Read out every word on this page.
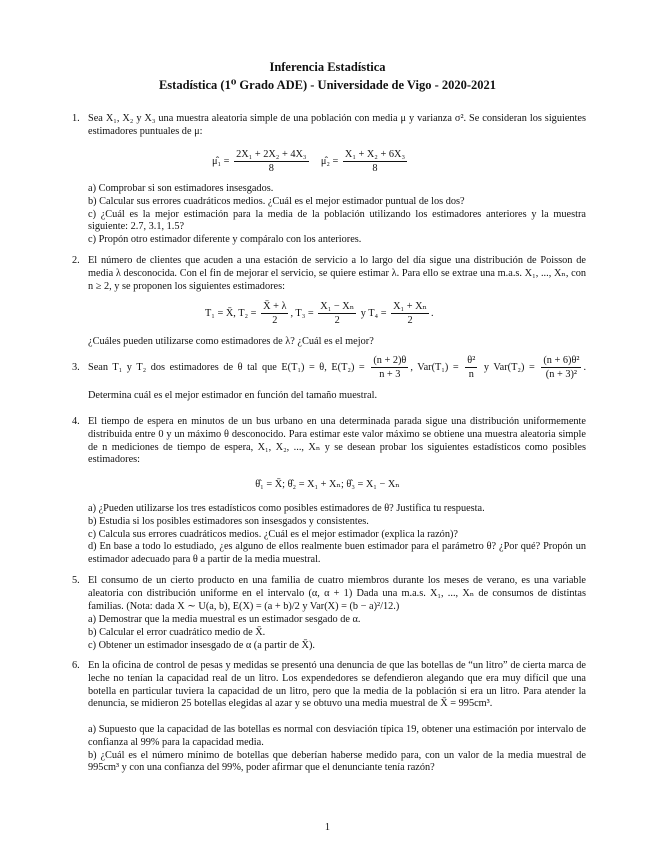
Inferencia Estadística
Estadística (1⁰ Grado ADE) - Universidade de Vigo - 2020-2021
1. Sea X₁, X₂ y X₃ una muestra aleatoria simple de una población con media μ y varianza σ². Se consideran los siguientes estimadores puntuales de μ:
μ̂₁ = $\frac{\text{2X₁ + 2X₂ + 4X₃}}{8}$ μ̂₂ = $\frac{\text{X₁ + X₂ + 6X₃}}{8}$
a) Comprobar si son estimadores insesgados.
b) Calcular sus errores cuadráticos medios. ¿Cuál es el mejor estimador puntual de los dos?
c) ¿Cuál es la mejor estimación para la media de la población utilizando los estimadores anteriores y la muestra siguiente: 2.7, 3.1, 1.5?
c) Propón otro estimador diferente y compáralo con los anteriores.
2. El número de clientes que acuden a una estación de servicio a lo largo del día sigue una distribución de Poisson de media λ desconocida. Con el fin de mejorar el servicio, se quiere estimar λ. Para ello se extrae una m.a.s. X₁, ..., Xₙ, con n ≥ 2, y se proponen los siguientes estimadores:
T₁ = X̄, $T_2 = \frac{X̄ + \lambda}{2}$ , $T_3 = \frac{\text{X₁ − Xₙ}}{2}$ y $T_4 = \frac{\text{X₁ + Xₙ}}{2}$ .
¿Cuáles pueden utilizarse como estimadores de λ? ¿Cuál es el mejor?
3. Sean T₁ y T₂ dos estimadores de θ tal que E(T₁) = θ, $E(T_2) = \frac{(n + 2)\theta}{n + 3}$ , $Var(T_1) = \frac{\text{θ²}}{n}$ y $Var(T_2) = \frac{\text{(n + 6)θ²}}{\text{(n + 3)²}}$ . Determina cuál es el mejor estimador en función del tamaño muestral.
4. El tiempo de espera en minutos de un bus urbano en una determinada parada sigue una distribución uniformemente distribuida entre 0 y un máximo θ desconocido. Para estimar este valor máximo se obtiene una muestra aleatoria simple de n mediciones de tiempo de espera, X₁, X₂, ..., Xₙ y se desean probar los siguientes estadísticos como posibles estimadores:
θ̂₁ = X̄; θ̂₂ = X₁ + Xₙ; θ̂₃ = X₁ − Xₙ
a) ¿Pueden utilizarse los tres estadísticos como posibles estimadores de θ? Justifica tu respuesta.
b) Estudia si los posibles estimadores son insesgados y consistentes.
c) Calcula sus errores cuadráticos medios. ¿Cuál es el mejor estimador (explica la razón)?
d) En base a todo lo estudiado, ¿es alguno de ellos realmente buen estimador para el parámetro θ? ¿Por qué? Propón un estimador adecuado para θ a partir de la media muestral.
5. El consumo de un cierto producto en una familia de cuatro miembros durante los meses de verano, es una variable aleatoria con distribución uniforme en el intervalo (α, α + 1) Dada una m.a.s. X₁, ..., Xₙ de consumos de distintas familias. (Nota: dada X ∼ U(a, b), E(X) = (a + b)/2 y Var(X) = (b − a)²/12.)
a) Demostrar que la media muestral es un estimador sesgado de α.
b) Calcular el error cuadrático medio de X̄.
c) Obtener un estimador insesgado de α (a partir de X̄).
6. En la oficina de control de pesas y medidas se presentó una denuncia de que las botellas de “un litro” de cierta marca de leche no tenían la capacidad real de un litro. Los expendedores se defendieron alegando que era muy difícil que una botella en particular tuviera la capacidad de un litro, pero que la media de la población si era un litro. Para atender la denuncia, se midieron 25 botellas elegidas al azar y se obtuvo una media muestral de X̄ = 995cm³.
a) Supuesto que la capacidad de las botellas es normal con desviación típica 19, obtener una estimación por intervalo de confianza al 99% para la capacidad media.
b) ¿Cuál es el número mínimo de botellas que deberían haberse medido para, con un valor de la media muestral de 995cm³ y con una confianza del 99%, poder afirmar que el denunciante tenía razón?
1
